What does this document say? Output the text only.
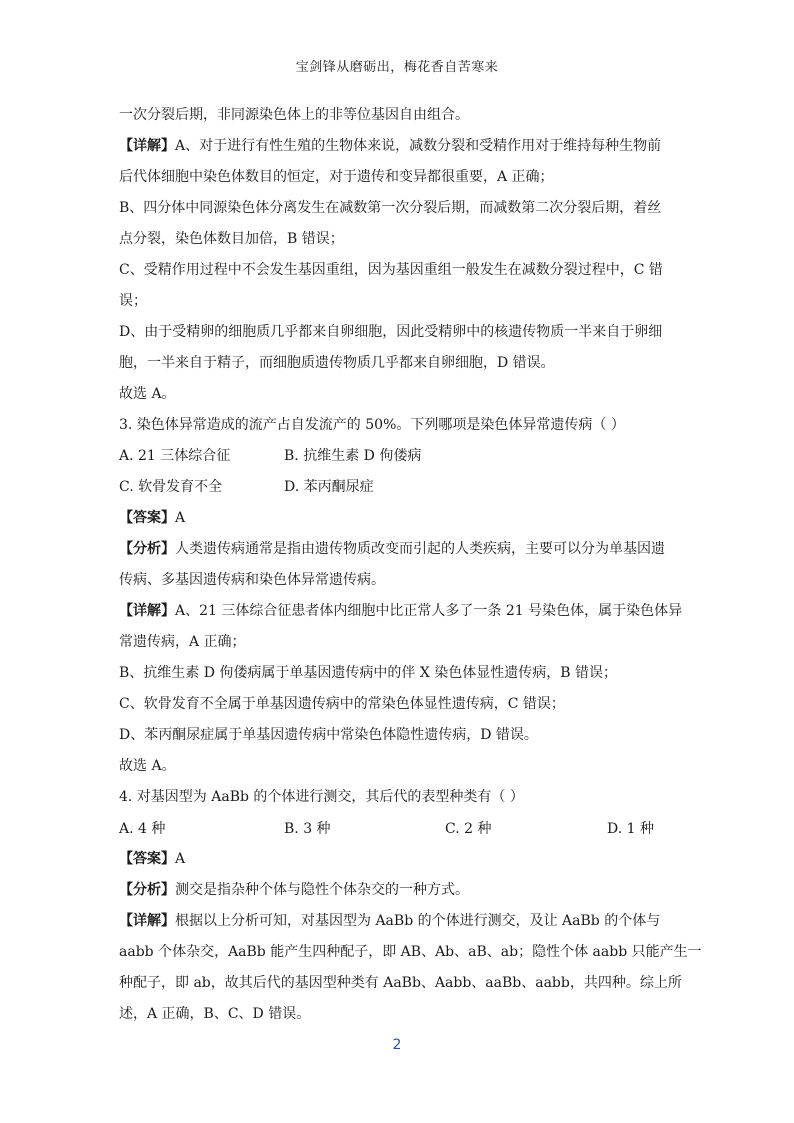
宝剑锋从磨砺出，梅花香自苦寒来
一次分裂后期，非同源染色体上的非等位基因自由组合。
【详解】A、对于进行有性生殖的生物体来说，减数分裂和受精作用对于维持每种生物前
后代体细胞中染色体数目的恒定，对于遗传和变异都很重要，A 正确；
B、四分体中同源染色体分离发生在减数第一次分裂后期，而减数第二次分裂后期，着丝
点分裂，染色体数目加倍，B 错误；
C、受精作用过程中不会发生基因重组，因为基因重组一般发生在减数分裂过程中，C 错
误；
D、由于受精卵的细胞质几乎都来自卵细胞，因此受精卵中的核遗传物质一半来自于卵细
胞，一半来自于精子，而细胞质遗传物质几乎都来自卵细胞，D 错误。
故选 A。
3. 染色体异常造成的流产占自发流产的 50%。下列哪项是染色体异常遗传病（ ）
【答案】A
【分析】人类遗传病通常是指由遗传物质改变而引起的人类疾病，主要可以分为单基因遗
传病、多基因遗传病和染色体异常遗传病。
【详解】A、21 三体综合征患者体内细胞中比正常人多了一条 21 号染色体，属于染色体异
常遗传病，A 正确；
B、抗维生素 D 佝偻病属于单基因遗传病中的伴 X 染色体显性遗传病，B 错误；
C、软骨发育不全属于单基因遗传病中的常染色体显性遗传病，C 错误；
D、苯丙酮尿症属于单基因遗传病中常染色体隐性遗传病，D 错误。
故选 A。
4. 对基因型为 AaBb 的个体进行测交，其后代的表型种类有（ ）
【答案】A
【分析】测交是指杂种个体与隐性个体杂交的一种方式。
【详解】根据以上分析可知，对基因型为 AaBb 的个体进行测交，及让 AaBb 的个体与
aabb 个体杂交，AaBb 能产生四种配子，即 AB、Ab、aB、ab；隐性个体 aabb 只能产生一
种配子，即 ab，故其后代的基因型种类有 AaBb、Aabb、aaBb、aabb，共四种。综上所
述，A 正确，B、C、D 错误。
A. 21 三体综合征	B. 抗维生素 D 佝偻病
C. 软骨发育不全	D. 苯丙酮尿症
A. 4 种	B. 3 种	C. 2 种	D. 1 种
2
